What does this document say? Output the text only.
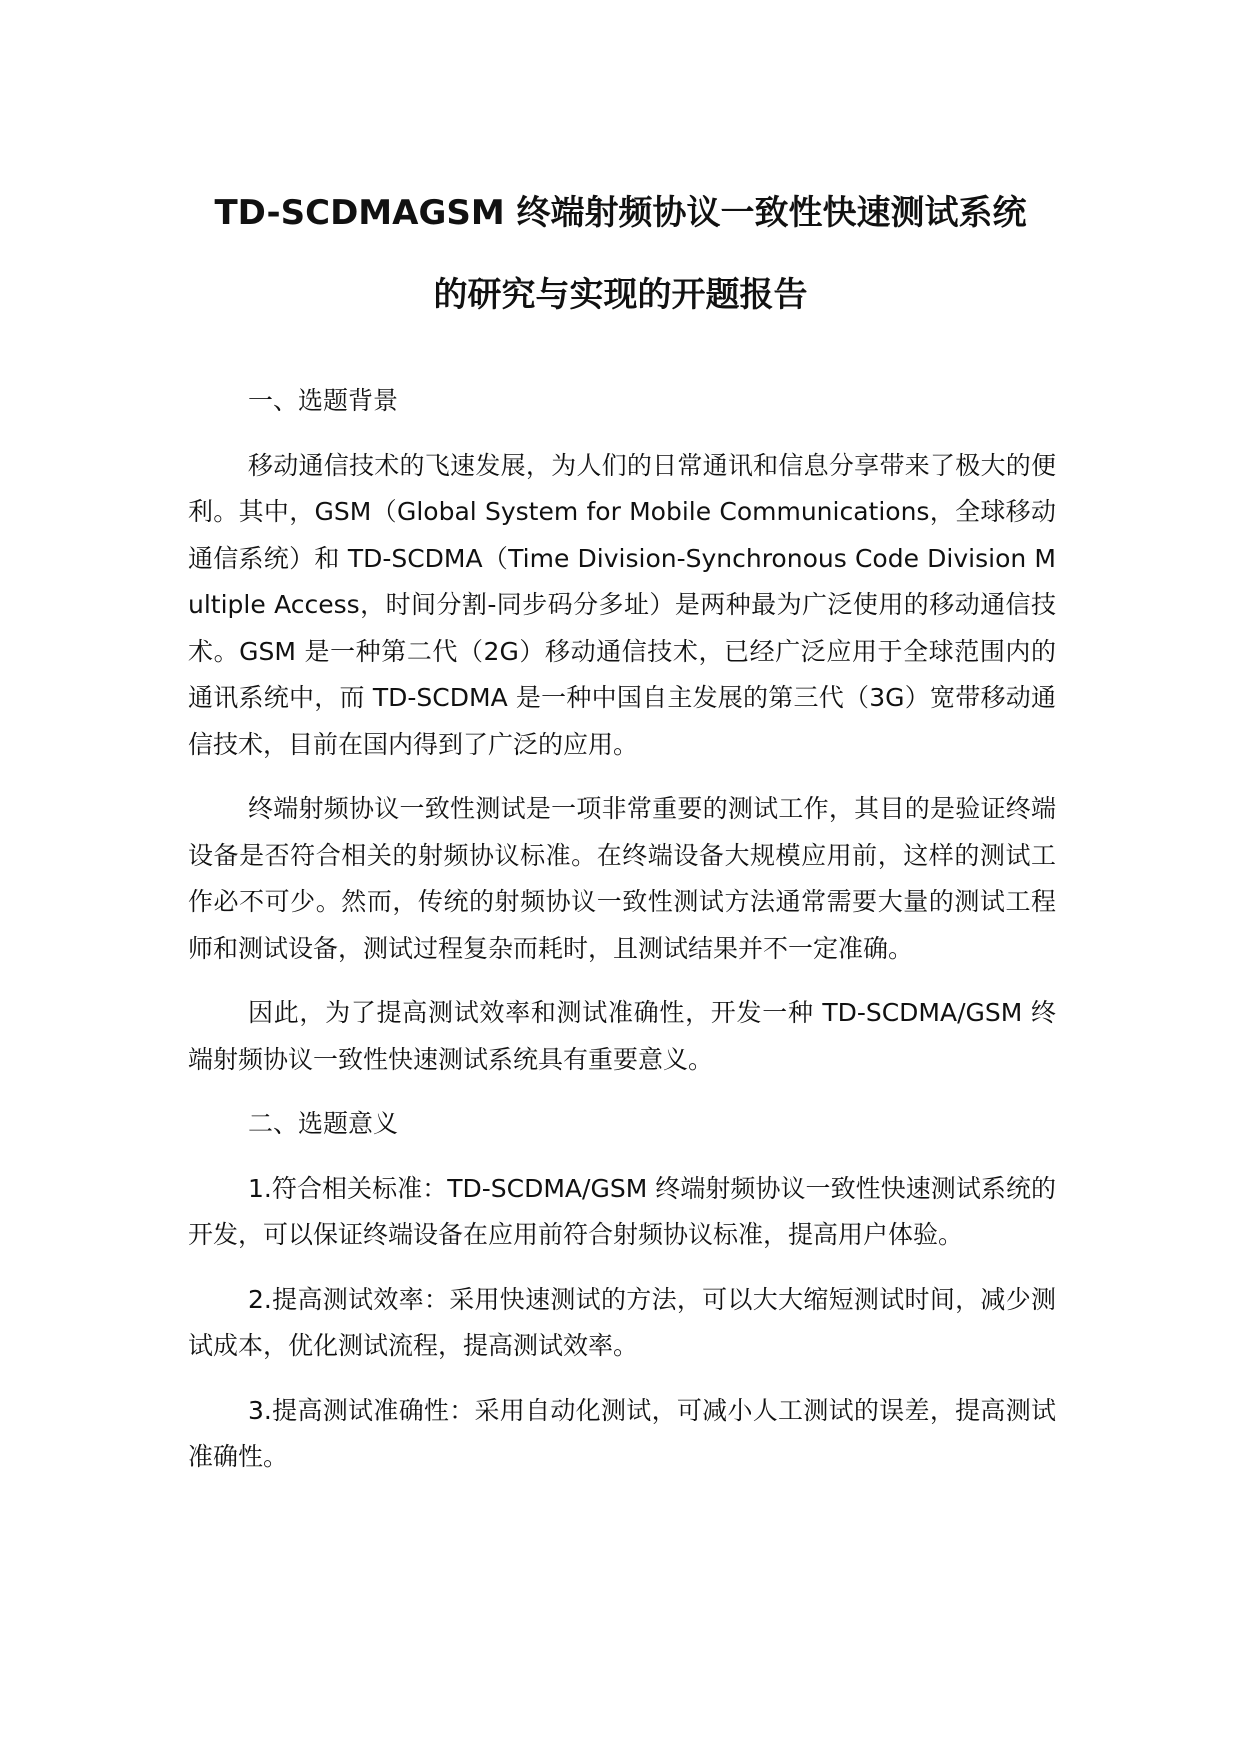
TD-SCDMAGSM 终端射频协议一致性快速测试系统
的研究与实现的开题报告
一、选题背景

移动通信技术的飞速发展，为人们的日常通讯和信息分享带来了极大的便利。其中，GSM（Global System for Mobile Communications，全球移动通信系统）和 TD-SCDMA（Time Division-Synchronous Code Division Multiple Access，时间分割-同步码分多址）是两种最为广泛使用的移动通信技术。GSM 是一种第二代（2G）移动通信技术，已经广泛应用于全球范围内的通讯系统中，而 TD-SCDMA 是一种中国自主发展的第三代（3G）宽带移动通信技术，目前在国内得到了广泛的应用。

终端射频协议一致性测试是一项非常重要的测试工作，其目的是验证终端设备是否符合相关的射频协议标准。在终端设备大规模应用前，这样的测试工作必不可少。然而，传统的射频协议一致性测试方法通常需要大量的测试工程师和测试设备，测试过程复杂而耗时，且测试结果并不一定准确。

因此，为了提高测试效率和测试准确性，开发一种 TD-SCDMA/GSM 终端射频协议一致性快速测试系统具有重要意义。

二、选题意义

1.符合相关标准：TD-SCDMA/GSM 终端射频协议一致性快速测试系统的开发，可以保证终端设备在应用前符合射频协议标准，提高用户体验。

2.提高测试效率：采用快速测试的方法，可以大大缩短测试时间，减少测试成本，优化测试流程，提高测试效率。

3.提高测试准确性：采用自动化测试，可减小人工测试的误差，提高测试准确性。
